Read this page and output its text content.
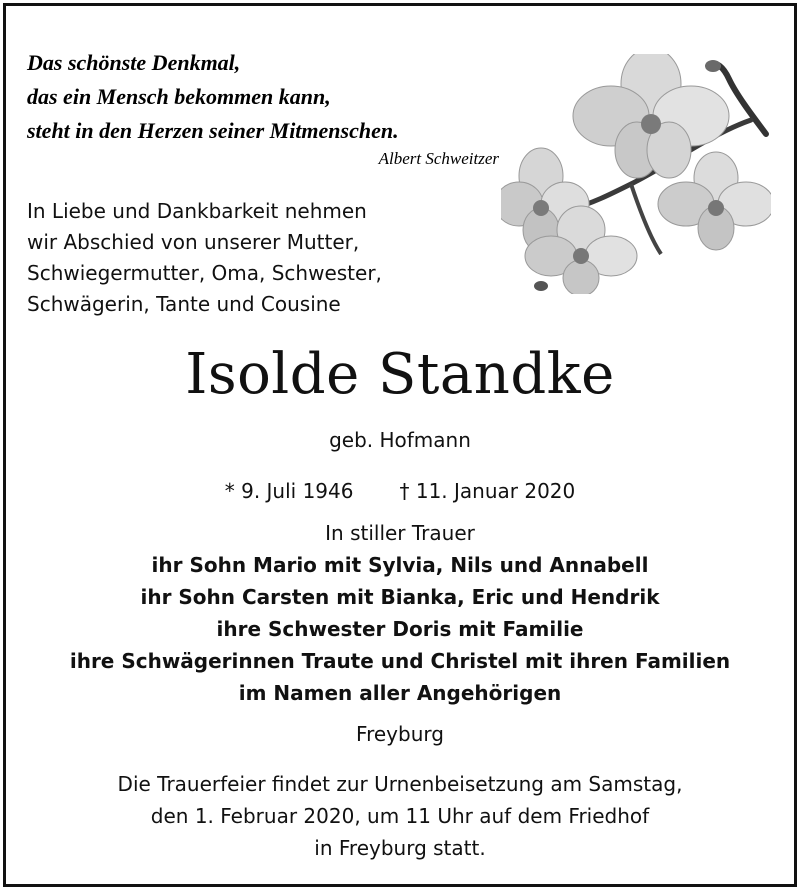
Das schönste Denkmal,
das ein Mensch bekommen kann,
steht in den Herzen seiner Mitmenschen.
Albert Schweitzer
In Liebe und Dankbarkeit nehmen
wir Abschied von unserer Mutter,
Schwiegermutter, Oma, Schwester,
Schwägerin, Tante und Cousine
Isolde Standke
geb. Hofmann
* 9. Juli 1946 † 11. Januar 2020
In stiller Trauer
ihr Sohn Mario mit Sylvia, Nils und Annabell
ihr Sohn Carsten mit Bianka, Eric und Hendrik
ihre Schwester Doris mit Familie
ihre Schwägerinnen Traute und Christel mit ihren Familien
im Namen aller Angehörigen
Freyburg
Die Trauerfeier findet zur Urnenbeisetzung am Samstag,
den 1. Februar 2020, um 11 Uhr auf dem Friedhof
in Freyburg statt.
